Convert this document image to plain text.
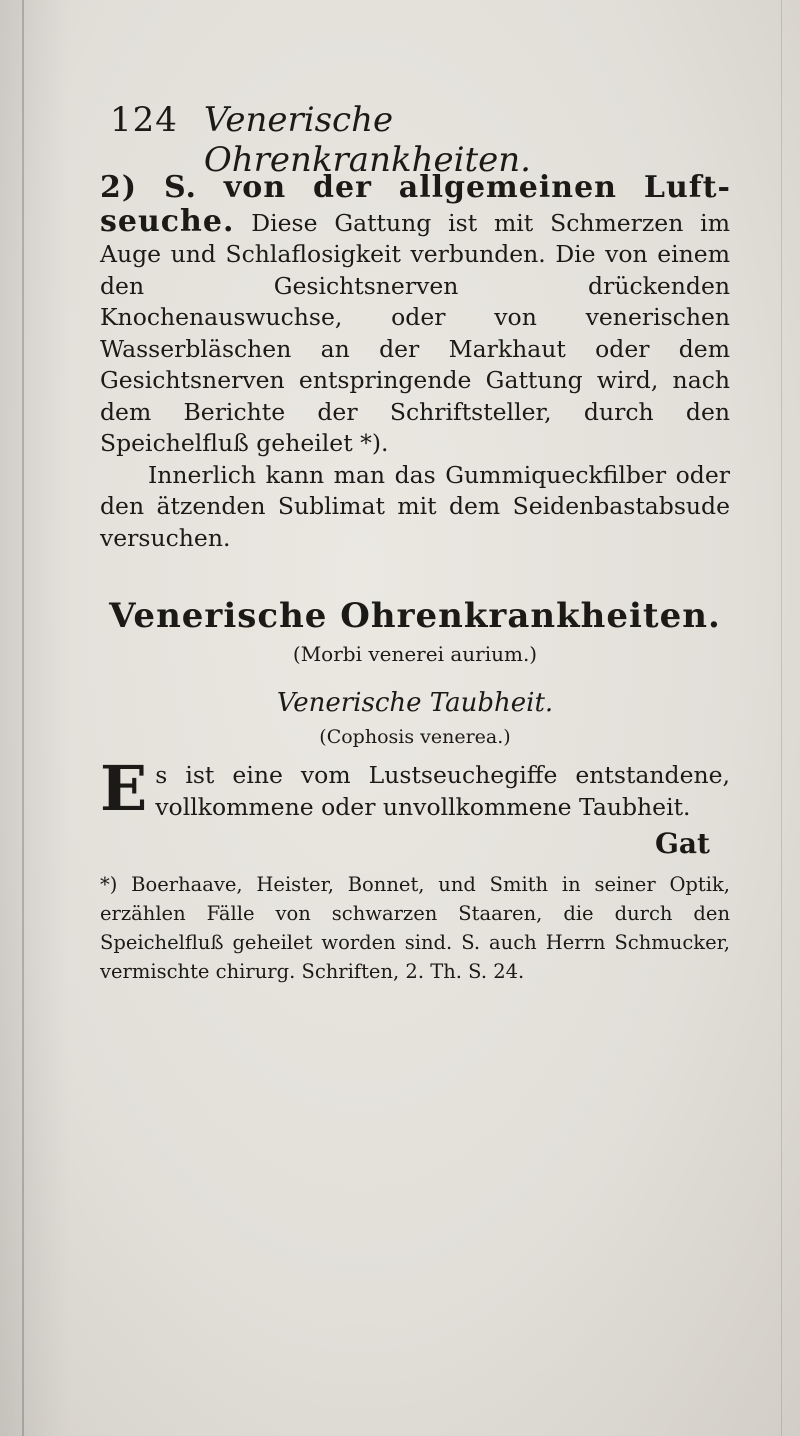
124 Venerische Ohrenkrankheiten.

2) S. von der allgemeinen Luftseuche. Diese Gattung ist mit Schmerzen im Auge und Schlaflosigkeit verbunden. Die von einem den Gesichtsnerven drückenden Knochenauswuchse, oder von venerischen Wasserbläschen an der Markhaut oder dem Gesichtsnerven entspringende Gattung wird, nach dem Berichte der Schriftsteller, durch den Speichelfluß geheilet *).

Innerlich kann man das Gummiqueckfilber oder den ätzenden Sublimat mit dem Seidenbastabsude versuchen.

Venerische Ohrenkrankheiten.
(Morbi venerei aurium.)
Venerische Taubheit.
(Cophosis venerea.)

E s ist eine vom Lustseuchegiffe entstandene, vollkommene oder unvollkommene Taubheit.

Gat

*) Boerhaave, Heister, Bonnet, und Smith in seiner Optik, erzählen Fälle von schwarzen Staaren, die durch den Speichelfluß geheilet worden sind. S. auch Herrn Schmucker, vermischte chirurg. Schriften, 2. Th. S. 24.
